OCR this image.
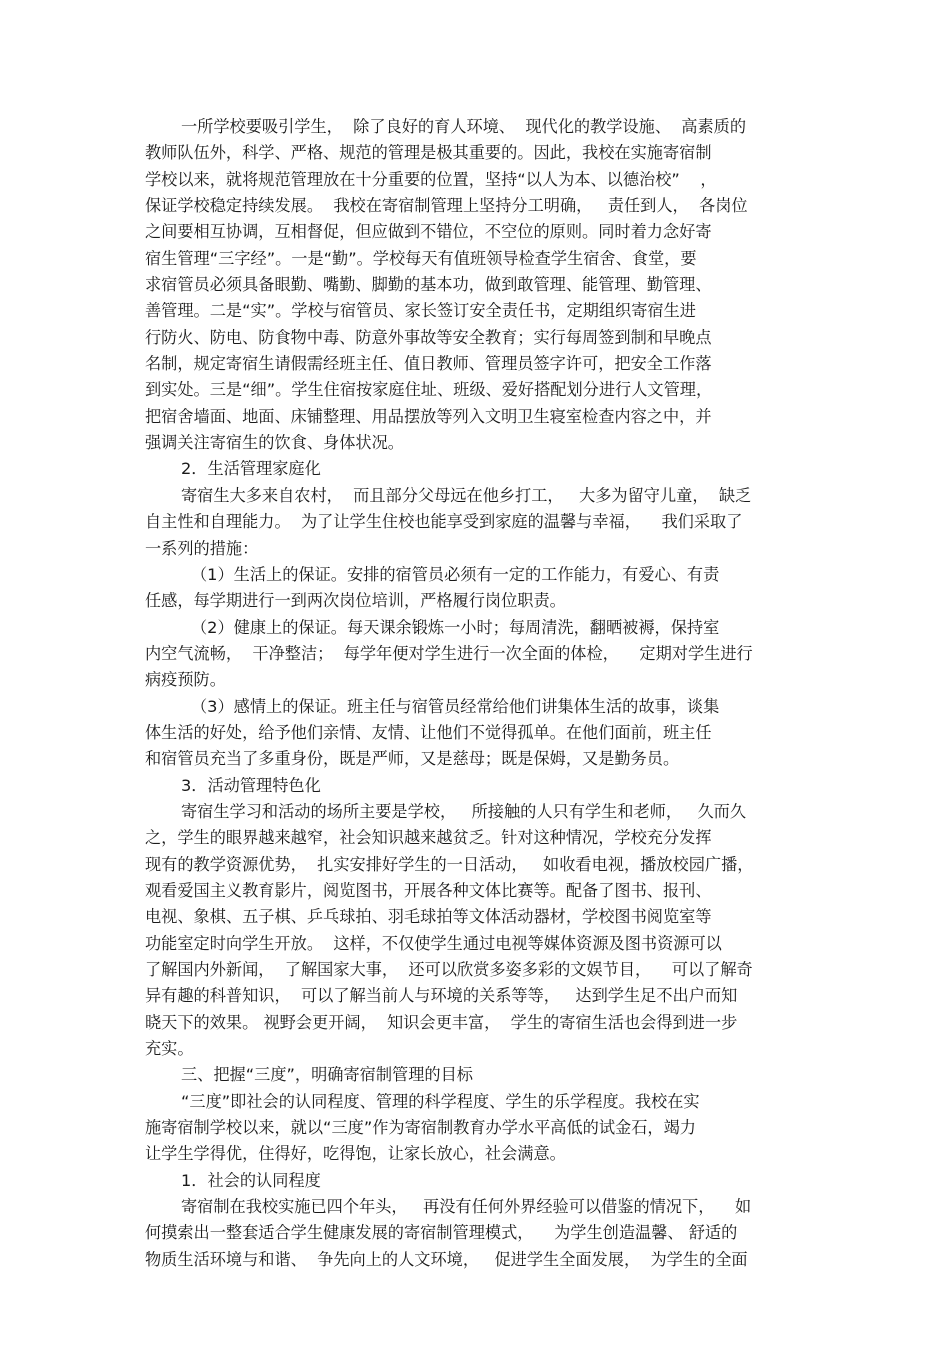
一所学校要吸引学生，  除了良好的育人环境、  现代化的教学设施、  高素质的
教师队伍外，科学、严格、规范的管理是极其重要的。因此，我校在实施寄宿制
学校以来，就将规范管理放在十分重要的位置，坚持“以人为本、以德治校”    ，
保证学校稳定持续发展。  我校在寄宿制管理上坚持分工明确，   责任到人，  各岗位
之间要相互协调，互相督促，但应做到不错位，不空位的原则。同时着力念好寄
宿生管理“三字经”。一是“勤”。学校每天有值班领导检查学生宿舍、食堂，要
求宿管员必须具备眼勤、嘴勤、脚勤的基本功，做到敢管理、能管理、勤管理、
善管理。二是“实”。学校与宿管员、家长签订安全责任书，定期组织寄宿生进
行防火、防电、防食物中毒、防意外事故等安全教育；实行每周签到制和早晚点
名制，规定寄宿生请假需经班主任、值日教师、管理员签字许可，把安全工作落
到实处。三是“细”。学生住宿按家庭住址、班级、爱好搭配划分进行人文管理，
把宿舍墙面、地面、床铺整理、用品摆放等列入文明卫生寝室检查内容之中，并
强调关注寄宿生的饮食、身体状况。
2．生活管理家庭化
寄宿生大多来自农村，  而且部分父母远在他乡打工，   大多为留守儿童，  缺乏
自主性和自理能力。  为了让学生住校也能享受到家庭的温馨与幸福，    我们采取了
一系列的措施：
（1）生活上的保证。安排的宿管员必须有一定的工作能力，有爱心、有责
任感，每学期进行一到两次岗位培训，严格履行岗位职责。
（2）健康上的保证。每天课余锻炼一小时；每周清洗，翻晒被褥，保持室
内空气流畅，  干净整洁；  每学年便对学生进行一次全面的体检，    定期对学生进行
病疫预防。
（3）感情上的保证。班主任与宿管员经常给他们讲集体生活的故事，谈集
体生活的好处，给予他们亲情、友情、让他们不觉得孤单。在他们面前，班主任
和宿管员充当了多重身份，既是严师，又是慈母；既是保姆，又是勤务员。
3．活动管理特色化
寄宿生学习和活动的场所主要是学校，   所接触的人只有学生和老师，   久而久
之，学生的眼界越来越窄，社会知识越来越贫乏。针对这种情况，学校充分发挥
现有的教学资源优势，  扎实安排好学生的一日活动，   如收看电视，播放校园广播，
观看爱国主义教育影片，阅览图书，开展各种文体比赛等。配备了图书、报刊、
电视、象棋、五子棋、乒乓球拍、羽毛球拍等文体活动器材，学校图书阅览室等
功能室定时向学生开放。  这样，不仅使学生通过电视等媒体资源及图书资源可以
了解国内外新闻，  了解国家大事，  还可以欣赏多姿多彩的文娱节目，    可以了解奇
异有趣的科普知识，  可以了解当前人与环境的关系等等，   达到学生足不出户而知
晓天下的效果。 视野会更开阔，  知识会更丰富，  学生的寄宿生活也会得到进一步
充实。
三、把握“三度”，明确寄宿制管理的目标
“三度”即社会的认同程度、管理的科学程度、学生的乐学程度。我校在实
施寄宿制学校以来，就以“三度”作为寄宿制教育办学水平高低的试金石，竭力
让学生学得优，住得好，吃得饱，让家长放心，社会满意。
1．社会的认同程度
寄宿制在我校实施已四个年头，   再没有任何外界经验可以借鉴的情况下，    如
何摸索出一整套适合学生健康发展的寄宿制管理模式，    为学生创造温馨、 舒适的
物质生活环境与和谐、  争先向上的人文环境，   促进学生全面发展，  为学生的全面
